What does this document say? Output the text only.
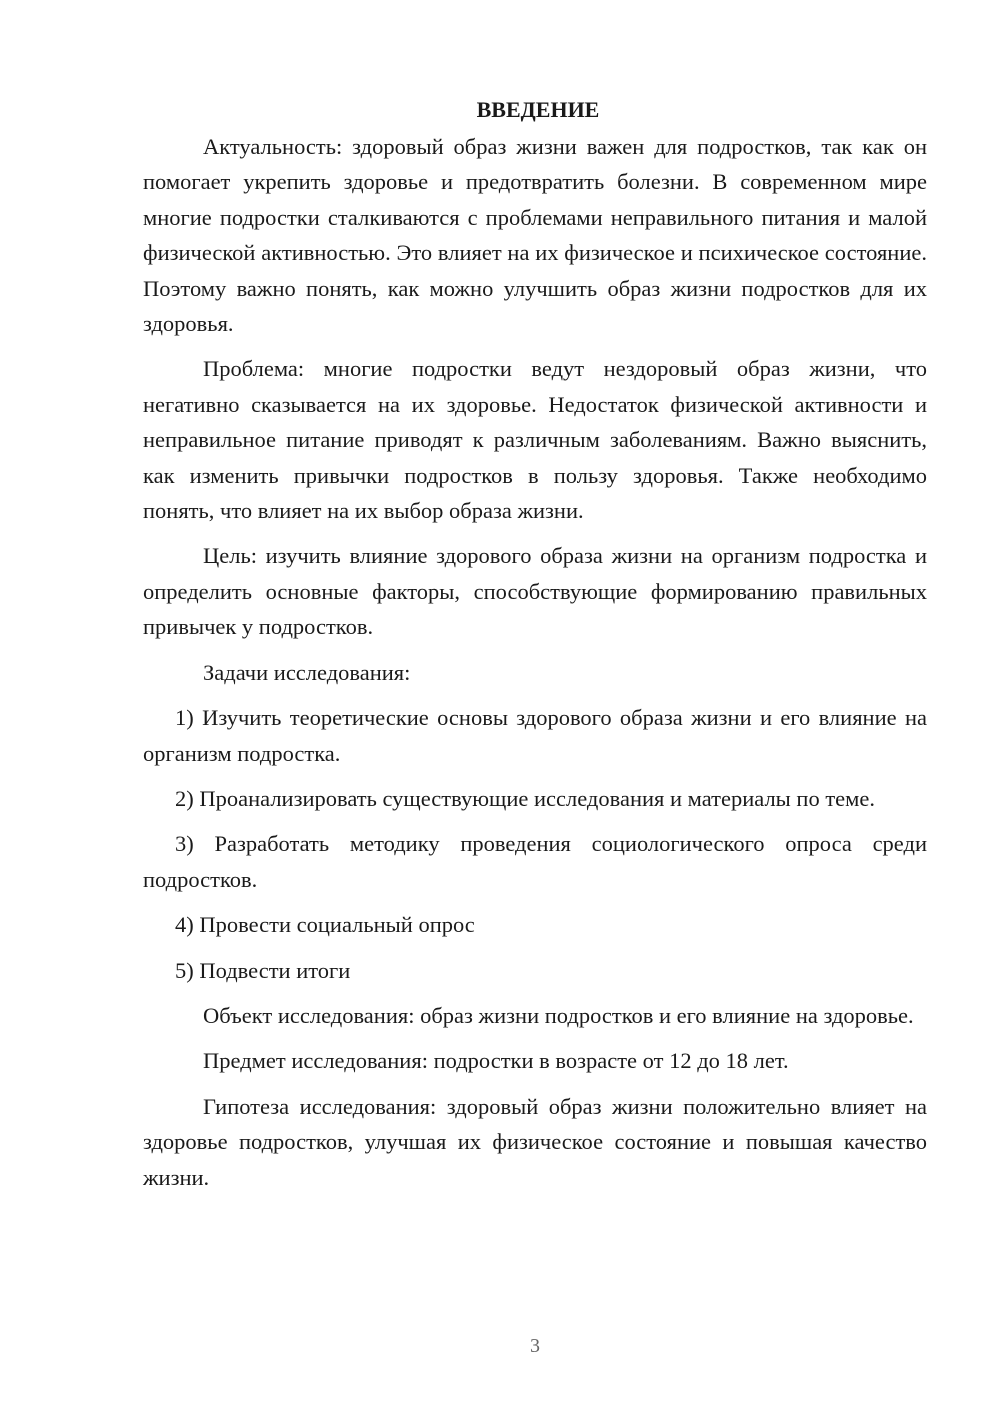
ВВЕДЕНИЕ

Актуальность: здоровый образ жизни важен для подростков, так как он помогает укрепить здоровье и предотвратить болезни. В современном мире многие подростки сталкиваются с проблемами неправильного питания и малой физической активностью. Это влияет на их физическое и психическое состояние. Поэтому важно понять, как можно улучшить образ жизни подростков для их здоровья.

Проблема: многие подростки ведут нездоровый образ жизни, что негативно сказывается на их здоровье. Недостаток физической активности и неправильное питание приводят к различным заболеваниям. Важно выяснить, как изменить привычки подростков в пользу здоровья. Также необходимо понять, что влияет на их выбор образа жизни.

Цель: изучить влияние здорового образа жизни на организм подростка и определить основные факторы, способствующие формированию правильных привычек у подростков.

Задачи исследования:

1) Изучить теоретические основы здорового образа жизни и его влияние на организм подростка.

2) Проанализировать существующие исследования и материалы по теме.

3) Разработать методику проведения социологического опроса среди подростков.

4) Провести социальный опрос

5) Подвести итоги

Объект исследования: образ жизни подростков и его влияние на здоровье.

Предмет исследования: подростки в возрасте от 12 до 18 лет.

Гипотеза исследования: здоровый образ жизни положительно влияет на здоровье подростков, улучшая их физическое состояние и повышая качество жизни.

3
